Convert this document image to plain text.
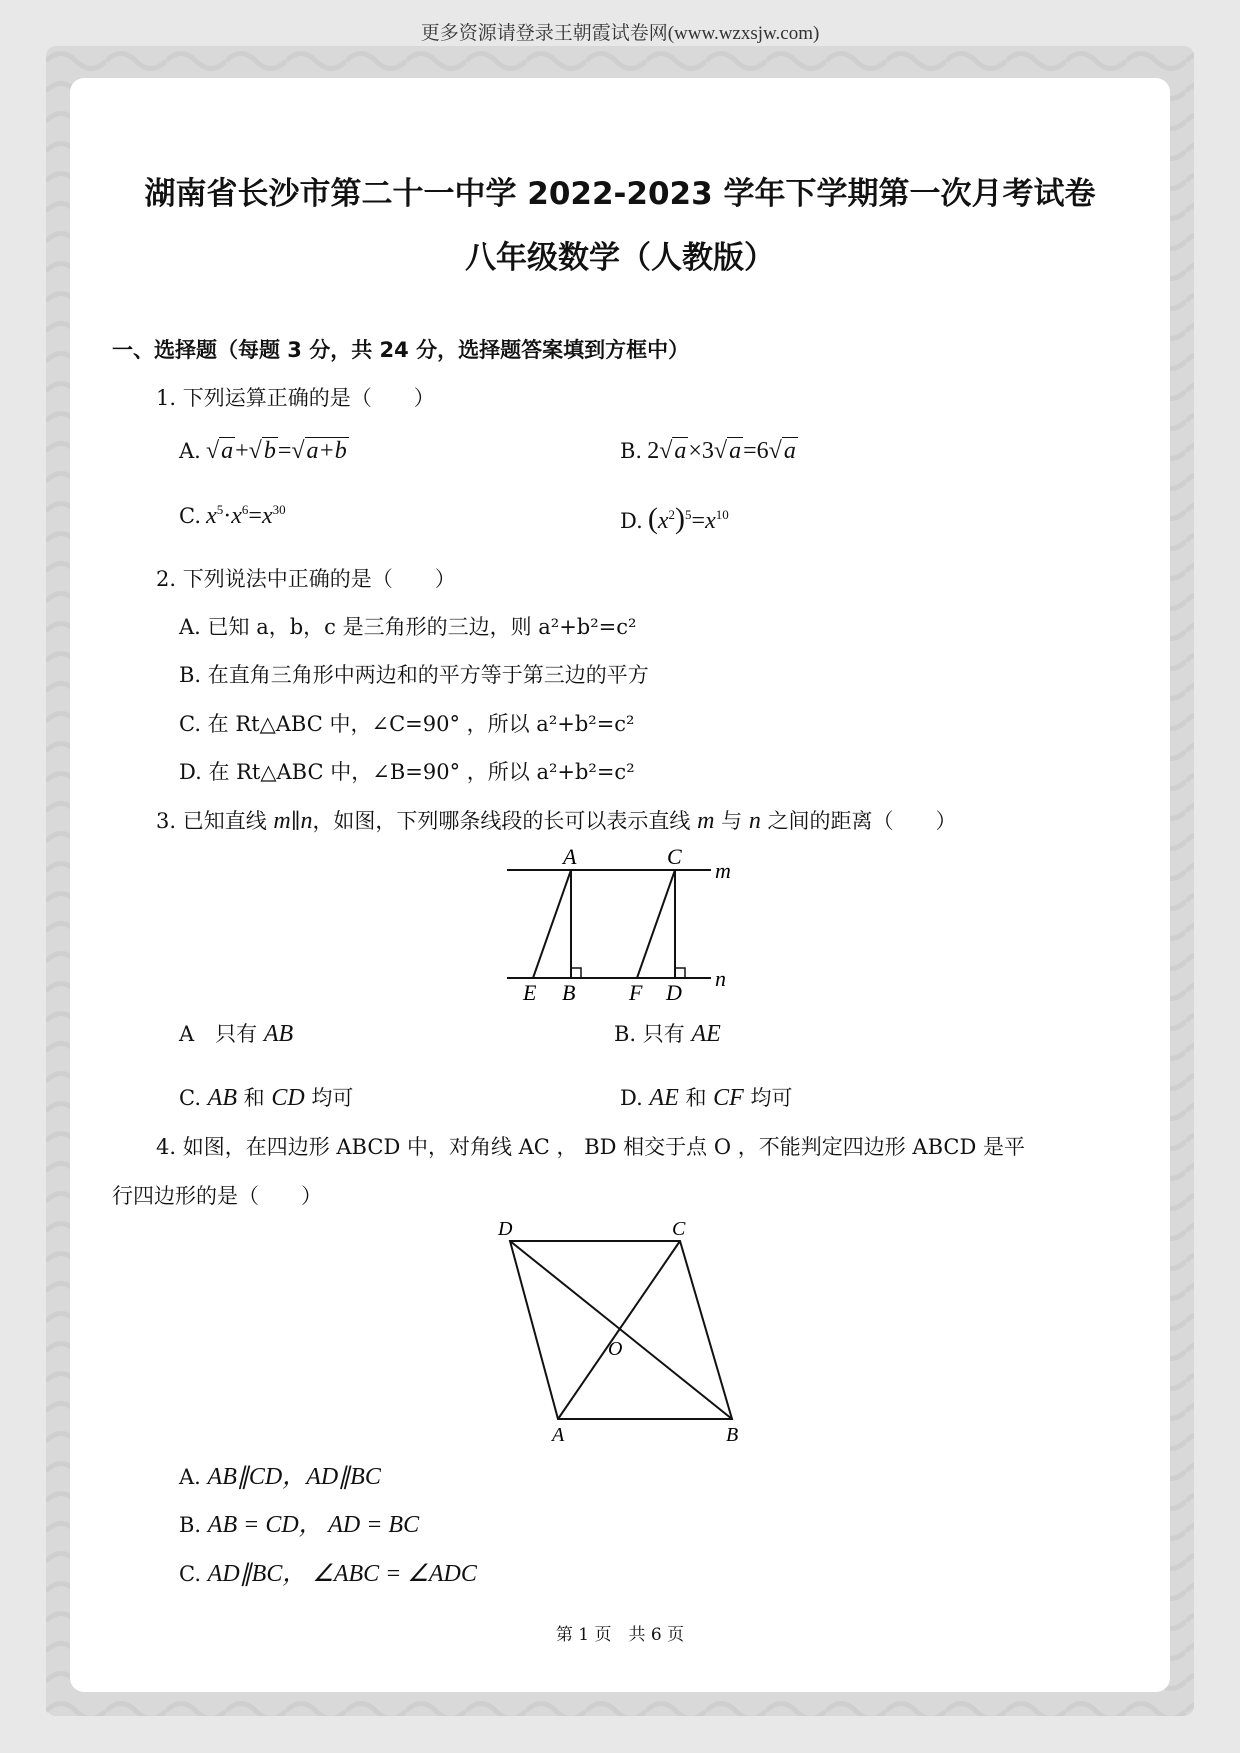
更多资源请登录王朝霞试卷网(www.wzxsjw.com)
湖南省长沙市第二十一中学 2022-2023 学年下学期第一次月考试卷
八年级数学（人教版）
一、选择题（每题 3 分，共 24 分，选择题答案填到方框中）
1. 下列运算正确的是（　　）
A. √a+√b=√a+b	B. 2√a×3√a=6√a
C. $x^5\cdot x^6=x^{30}$	D. $(x^2)^5=x^{10}$
2. 下列说法中正确的是（　　）
A. 已知 a，b，c 是三角形的三边，则 a²+b²=c²
B. 在直角三角形中两边和的平方等于第三边的平方
C. 在 Rt△ABC 中，∠C=90° ，所以 a²+b²=c²
D. 在 Rt△ABC 中，∠B=90° ，所以 a²+b²=c²
3. 已知直线 m∥n，如图，下列哪条线段的长可以表示直线 m 与 n 之间的距离（　　）
A	C
m
n
E B F D
A　只有 AB	B. 只有 AE
C. AB 和 CD 均可	D. AE 和 CF 均可
4. 如图，在四边形 ABCD 中，对角线 AC ， BD 相交于点 O ，不能判定四边形 ABCD 是平
行四边形的是（　　）
D	C
O
A	B
A. AB∥CD，AD∥BC
B. AB = CD， AD = BC
C. AD∥BC， ∠ABC = ∠ADC
第 1 页　共 6 页
